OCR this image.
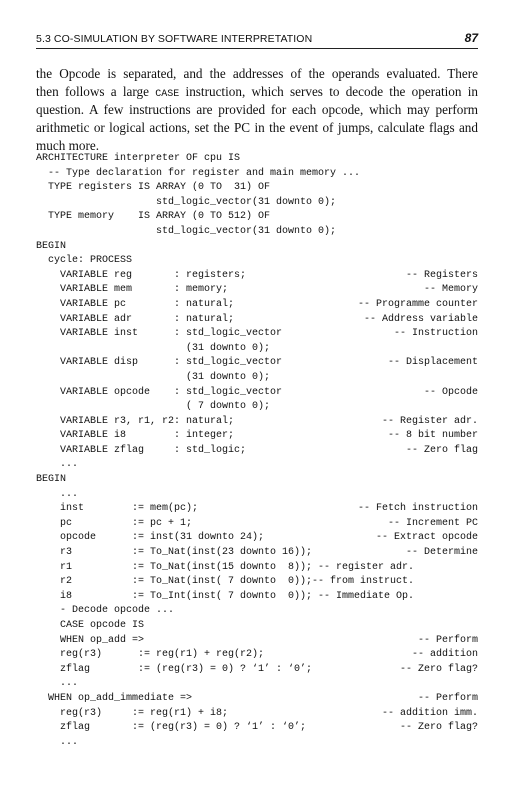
5.3 CO-SIMULATION BY SOFTWARE INTERPRETATION	87
the Opcode is separated, and the addresses of the operands evaluated. There
then follows a large CASE instruction, which serves to decode the operation in
question. A few instructions are provided for each opcode, which may perform
arithmetic or logical actions, set the PC in the event of jumps, calculate flags and
much more.
ARCHITECTURE interpreter OF cpu IS
-- Type declaration for register and main memory ...
TYPE registers IS ARRAY (0 TO  31) OF
std_logic_vector(31 downto 0);
TYPE memory    IS ARRAY (0 TO 512) OF
std_logic_vector(31 downto 0);
BEGIN
cycle: PROCESS
VARIABLE reg       : registers;	-- Registers
VARIABLE mem       : memory;	-- Memory
VARIABLE pc        : natural;	-- Programme counter
VARIABLE adr       : natural;	-- Address variable
VARIABLE inst      : std_logic_vector	-- Instruction
(31 downto 0);
VARIABLE disp      : std_logic_vector	-- Displacement
(31 downto 0);
VARIABLE opcode    : std_logic_vector	-- Opcode
( 7 downto 0);
VARIABLE r3, r1, r2: natural;	-- Register adr.
VARIABLE i8        : integer;	-- 8 bit number
VARIABLE zflag     : std_logic;	-- Zero flag
...
BEGIN
...
inst        := mem(pc);	-- Fetch instruction
pc          := pc + 1;	-- Increment PC
opcode      := inst(31 downto 24);	-- Extract opcode
r3          := To_Nat(inst(23 downto 16));	-- Determine
r1          := To_Nat(inst(15 downto  8)); -- register adr.
r2          := To_Nat(inst( 7 downto  0));-- from instruct.
i8          := To_Int(inst( 7 downto  0)); -- Immediate Op.
- Decode opcode ...
CASE opcode IS
WHEN op_add =>	-- Perform
reg(r3)      := reg(r1) + reg(r2);	-- addition
zflag        := (reg(r3) = 0) ? ‘1’ : ‘0’;	-- Zero flag?
...
WHEN op_add_immediate =>	-- Perform
reg(r3)     := reg(r1) + i8;	-- addition imm.
zflag       := (reg(r3) = 0) ? ‘1’ : ‘0’;	-- Zero flag?
...
